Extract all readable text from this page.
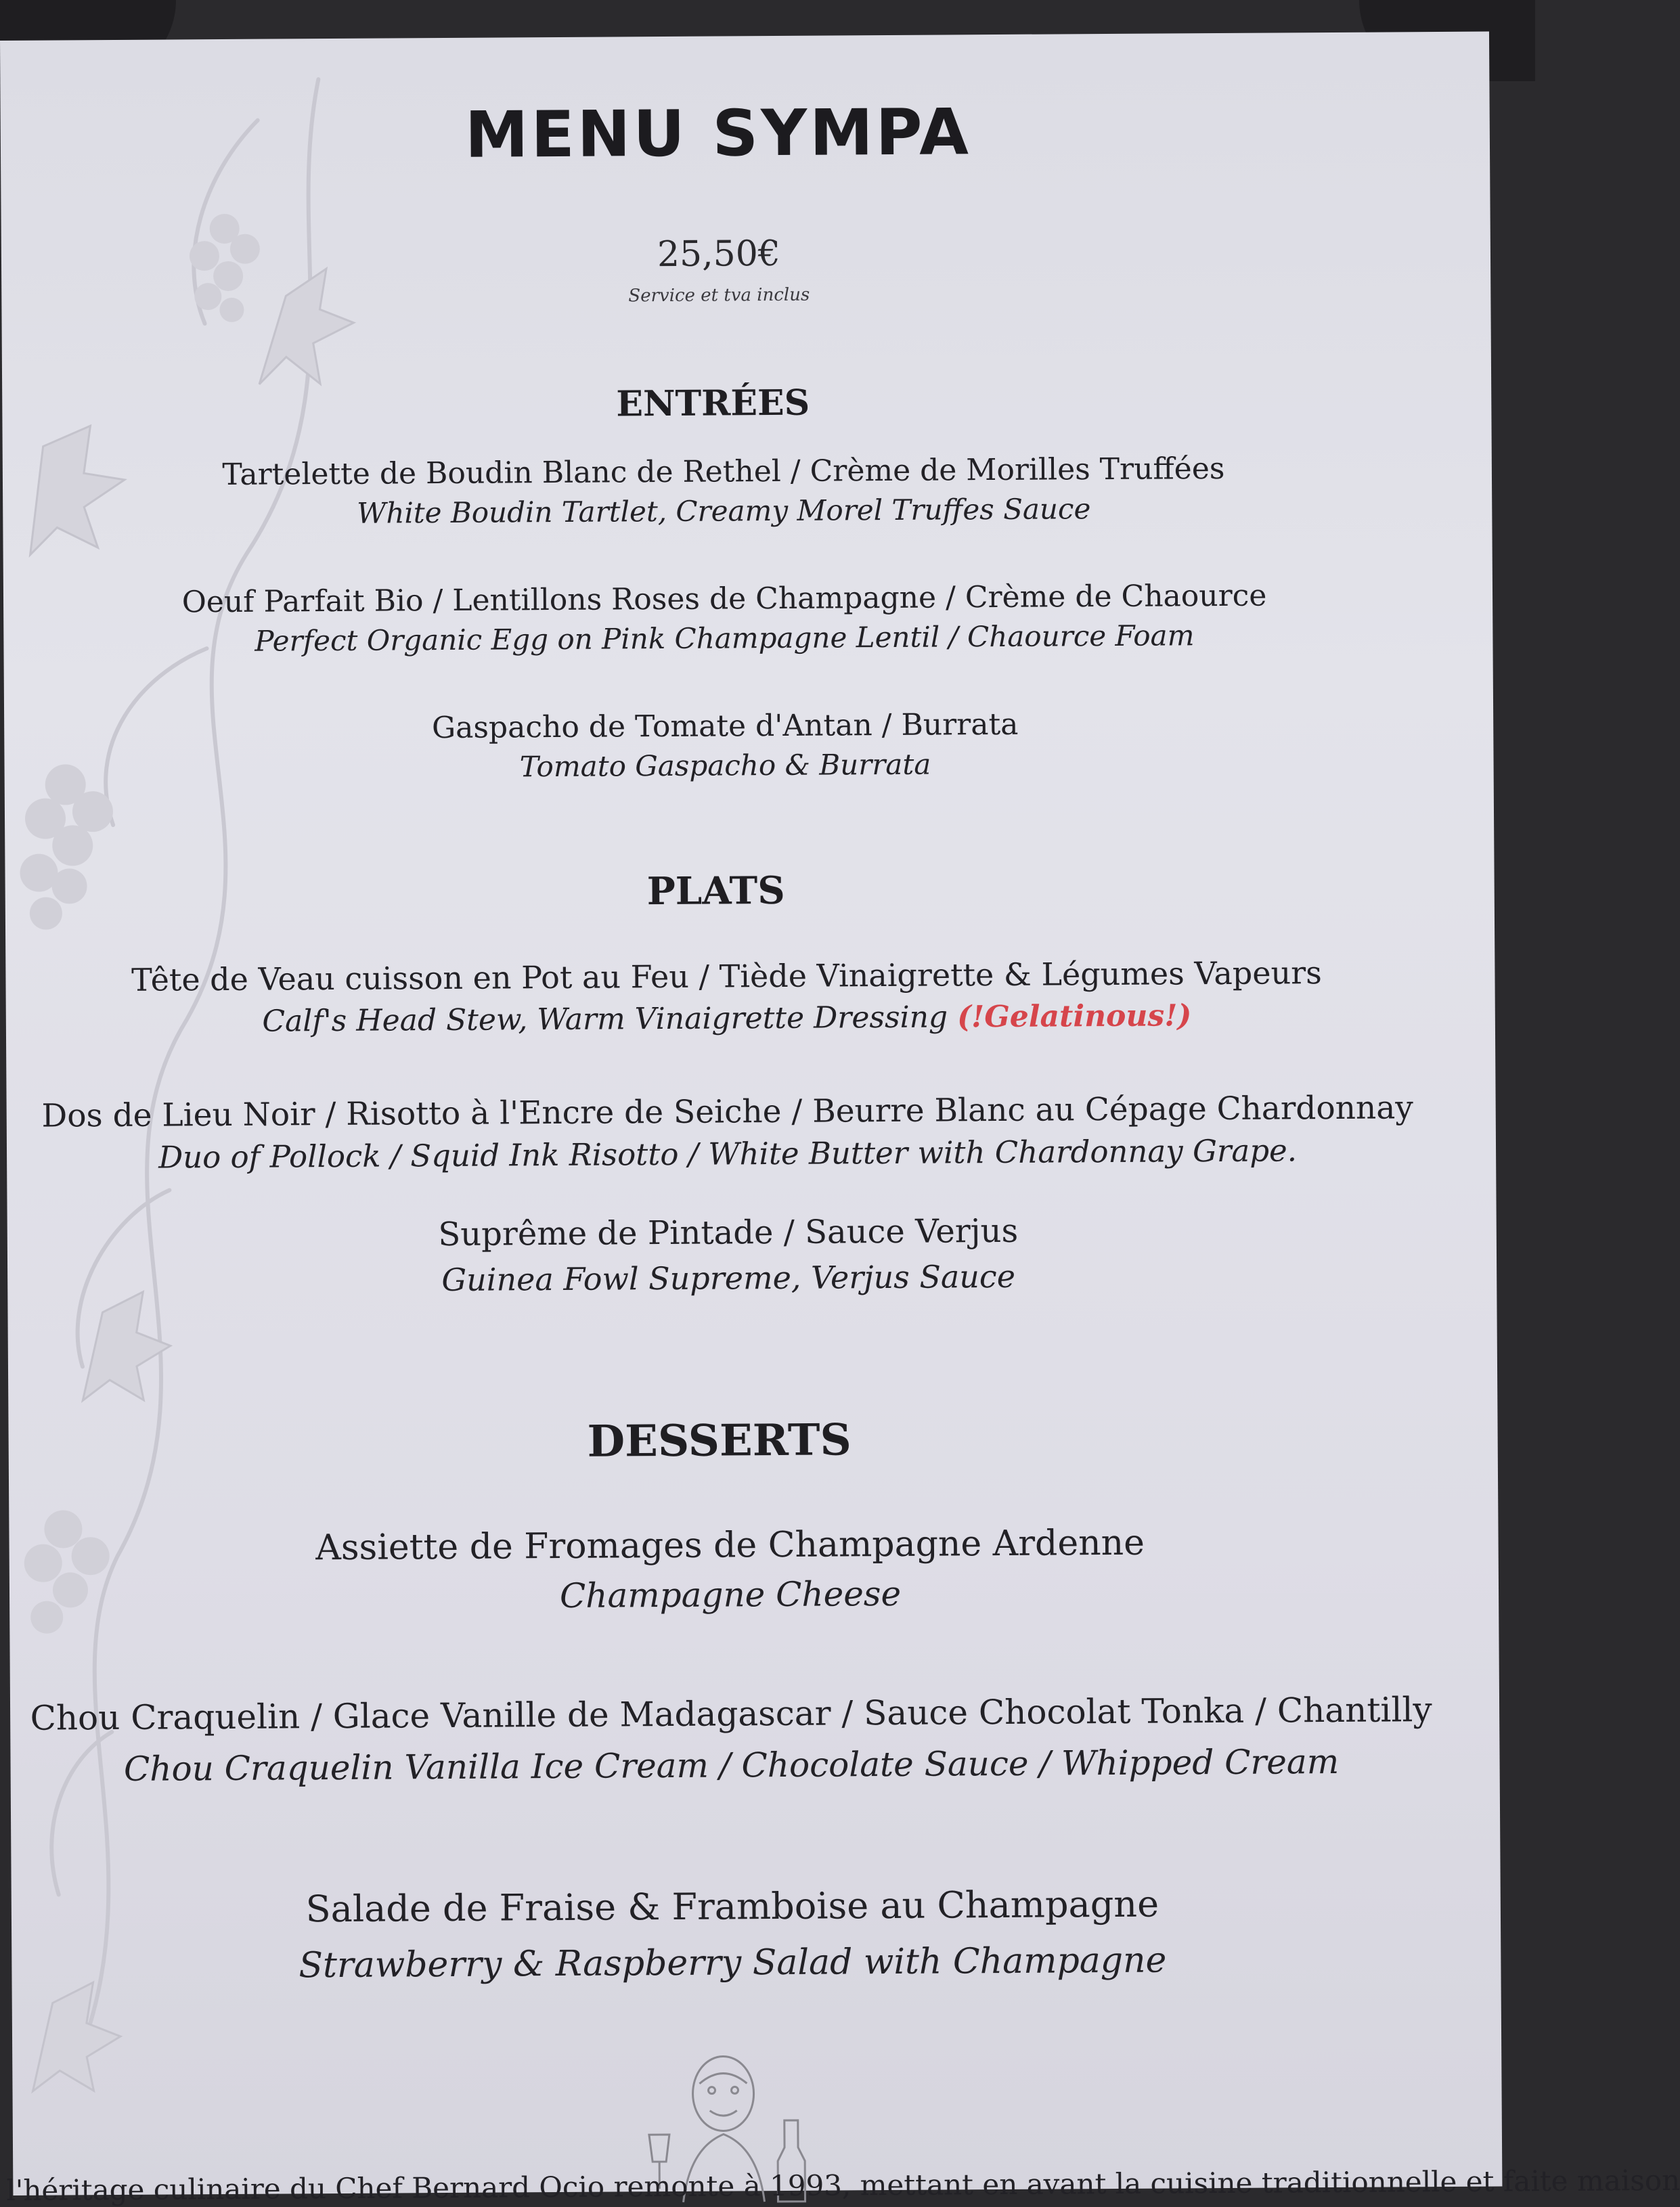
MENU SYMPA
25,50€
Service et tva inclus
ENTRÉES
Tartelette de Boudin Blanc de Rethel / Crème de Morilles Truffées
White Boudin Tartlet, Creamy Morel Truffes Sauce
Oeuf Parfait Bio / Lentillons Roses de Champagne / Crème de Chaource
Perfect Organic Egg on Pink Champagne Lentil / Chaource Foam
Gaspacho de Tomate d'Antan / Burrata
Tomato Gaspacho & Burrata
PLATS
Tête de Veau cuisson en Pot au Feu / Tiède Vinaigrette & Légumes Vapeurs
Calf's Head Stew, Warm Vinaigrette Dressing (!Gelatinous!)
Dos de Lieu Noir / Risotto à l'Encre de Seiche / Beurre Blanc au Cépage Chardonnay
Duo of Pollock / Squid Ink Risotto / White Butter with Chardonnay Grape.
Suprême de Pintade / Sauce Verjus
Guinea Fowl Supreme, Verjus Sauce
DESSERTS
Assiette de Fromages de Champagne Ardenne
Champagne Cheese
Chou Craquelin / Glace Vanille de Madagascar / Sauce Chocolat Tonka / Chantilly
Chou Craquelin Vanilla Ice Cream / Chocolate Sauce / Whipped Cream
Salade de Fraise & Framboise au Champagne
Strawberry & Raspberry Salad with Champagne
l'héritage culinaire du Chef Bernard Ocio remonte à 1993, mettant en avant la cuisine traditionnelle et faite maison
